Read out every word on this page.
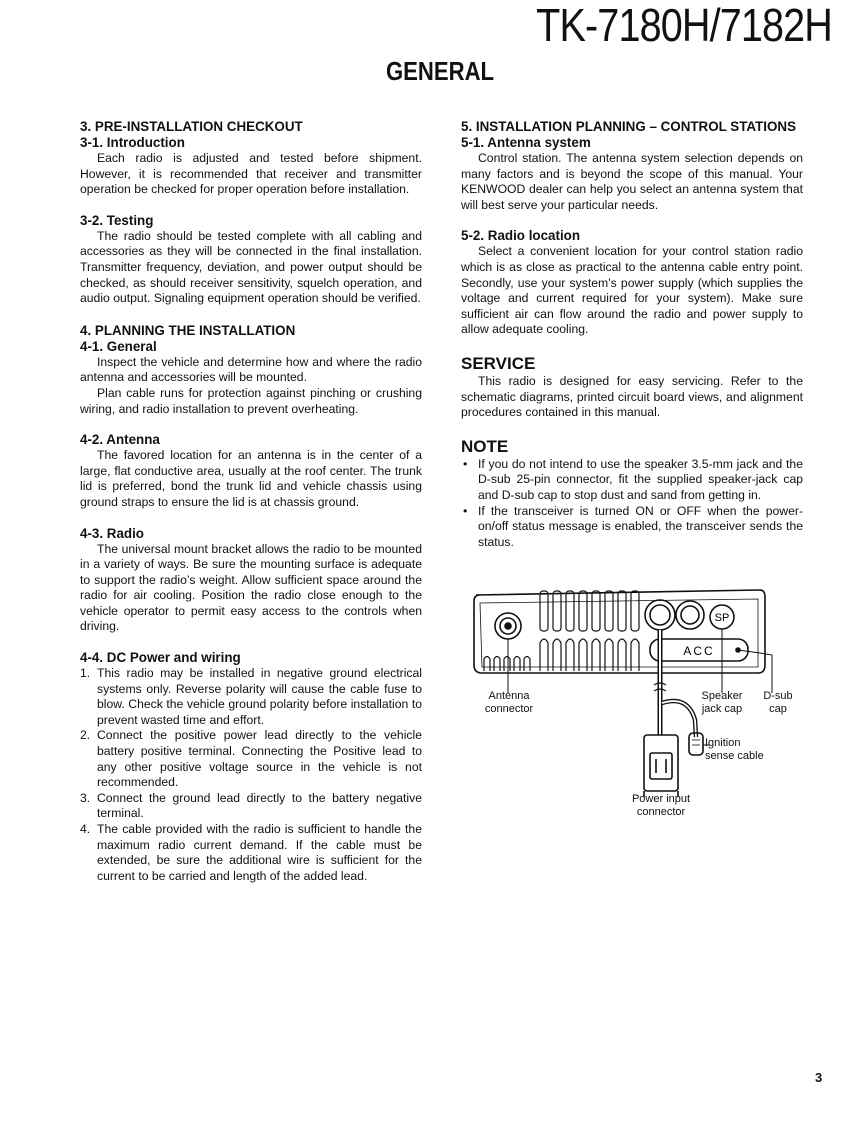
TK-7180H/7182H
GENERAL
3. PRE-INSTALLATION CHECKOUT
3-1. Introduction

Each radio is adjusted and tested before shipment. However, it is recommended that receiver and transmitter operation be checked for proper operation before installation.

3-2. Testing

The radio should be tested complete with all cabling and accessories as they will be connected in the final installation. Transmitter frequency, deviation, and power output should be checked, as should receiver sensitivity, squelch operation, and audio output. Signaling equipment operation should be verified.

4. PLANNING THE INSTALLATION
4-1. General

Inspect the vehicle and determine how and where the radio antenna and accessories will be mounted.

Plan cable runs for protection against pinching or crushing wiring, and radio installation to prevent overheating.

4-2. Antenna

The favored location for an antenna is in the center of a large, flat conductive area, usually at the roof center. The trunk lid is preferred, bond the trunk lid and vehicle chassis using ground straps to ensure the lid is at chassis ground.

4-3. Radio

The universal mount bracket allows the radio to be mounted in a variety of ways. Be sure the mounting surface is adequate to support the radio’s weight. Allow sufficient space around the radio for air cooling. Position the radio close enough to the vehicle operator to permit easy access to the controls when driving.

4-4. DC Power and wiring
1. This radio may be installed in negative ground electrical systems only. Reverse polarity will cause the cable fuse to blow. Check the vehicle ground polarity before installation to prevent wasted time and effort.
2. Connect the positive power lead directly to the vehicle battery positive terminal. Connecting the Positive lead to any other positive voltage source in the vehicle is not recommended.
3. Connect the ground lead directly to the battery negative terminal.
4. The cable provided with the radio is sufficient to handle the maximum radio current demand. If the cable must be extended, be sure the additional wire is sufficient for the current to be carried and length of the added lead.
5. INSTALLATION PLANNING – CONTROL STATIONS
5-1. Antenna system

Control station. The antenna system selection depends on many factors and is beyond the scope of this manual. Your KENWOOD dealer can help you select an antenna system that will best serve your particular needs.

5-2. Radio location

Select a convenient location for your control station radio which is as close as practical to the antenna cable entry point. Secondly, use your system’s power supply (which supplies the voltage and current required for your system). Make sure sufficient air can flow around the radio and power supply to allow adequate cooling.

SERVICE

This radio is designed for easy servicing. Refer to the schematic diagrams, printed circuit board views, and alignment procedures contained in this manual.

NOTE
• If you do not intend to use the speaker 3.5-mm jack and the D-sub 25-pin connector, fit the supplied speaker-jack cap and D-sub cap to stop dust and sand from getting in.
• If the transceiver is turned ON or OFF when the power-on/off status message is enabled, the transceiver sends the status.
SP
ACC
Antenna
connector
Speaker
jack cap
D-sub
cap
Ignition
sense cable
Power input
connector
3
